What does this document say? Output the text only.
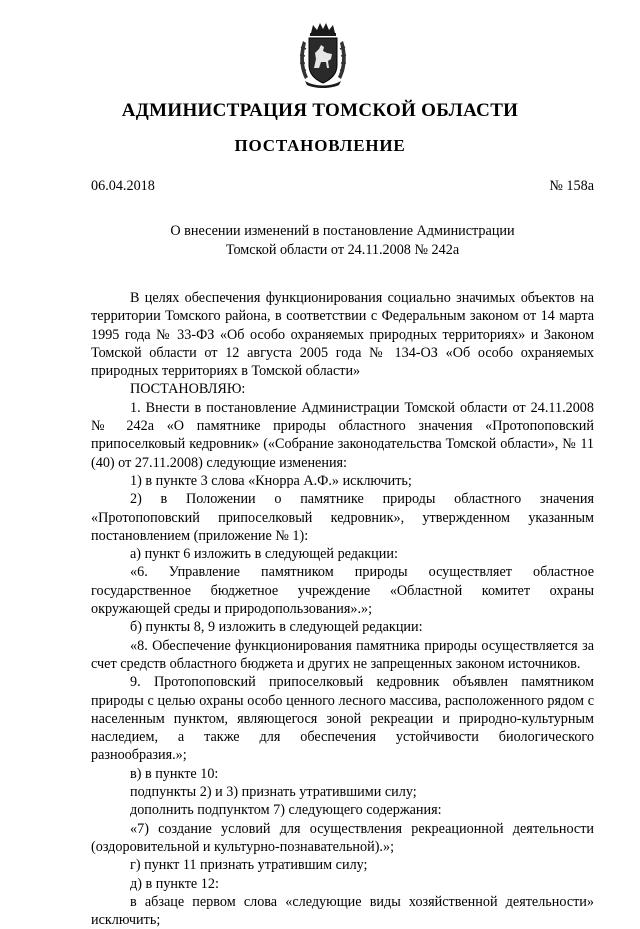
АДМИНИСТРАЦИЯ ТОМСКОЙ ОБЛАСТИ
ПОСТАНОВЛЕНИЕ
06.04.2018	№ 158а
О внесении изменений в постановление Администрации
Томской области от 24.11.2008 № 242а

В целях обеспечения функционирования социально значимых объектов на территории Томского района, в соответствии с Федеральным законом от 14 марта 1995 года № 33-ФЗ «Об особо охраняемых природных территориях» и Законом Томской области от 12 августа 2005 года № 134-ОЗ «Об особо охраняемых природных территориях в Томской области»

ПОСТАНОВЛЯЮ:

1. Внести в постановление Администрации Томской области от 24.11.2008 № 242а «О памятнике природы областного значения «Протопоповский припоселковый кедровник» («Собрание законодательства Томской области», № 11 (40) от 27.11.2008) следующие изменения:

1) в пункте 3 слова «Кнорра А.Ф.» исключить;

2) в Положении о памятнике природы областного значения «Протопоповский припоселковый кедровник», утвержденном указанным постановлением (приложение № 1):

а) пункт 6 изложить в следующей редакции:

«6. Управление памятником природы осуществляет областное государственное бюджетное учреждение «Областной комитет охраны окружающей среды и природопользования».»;

б) пункты 8, 9 изложить в следующей редакции:

«8. Обеспечение функционирования памятника природы осуществляется за счет средств областного бюджета и других не запрещенных законом источников.

9. Протопоповский припоселковый кедровник объявлен памятником природы с целью охраны особо ценного лесного массива, расположенного рядом с населенным пунктом, являющегося зоной рекреации и природно-культурным наследием, а также для обеспечения устойчивости биологического разнообразия.»;

в) в пункте 10:

подпункты 2) и 3) признать утратившими силу;

дополнить подпунктом 7) следующего содержания:

«7) создание условий для осуществления рекреационной деятельности (оздоровительной и культурно-познавательной).»;

г) пункт 11 признать утратившим силу;

д) в пункте 12:

в абзаце первом слова «следующие виды хозяйственной деятельности» исключить;
